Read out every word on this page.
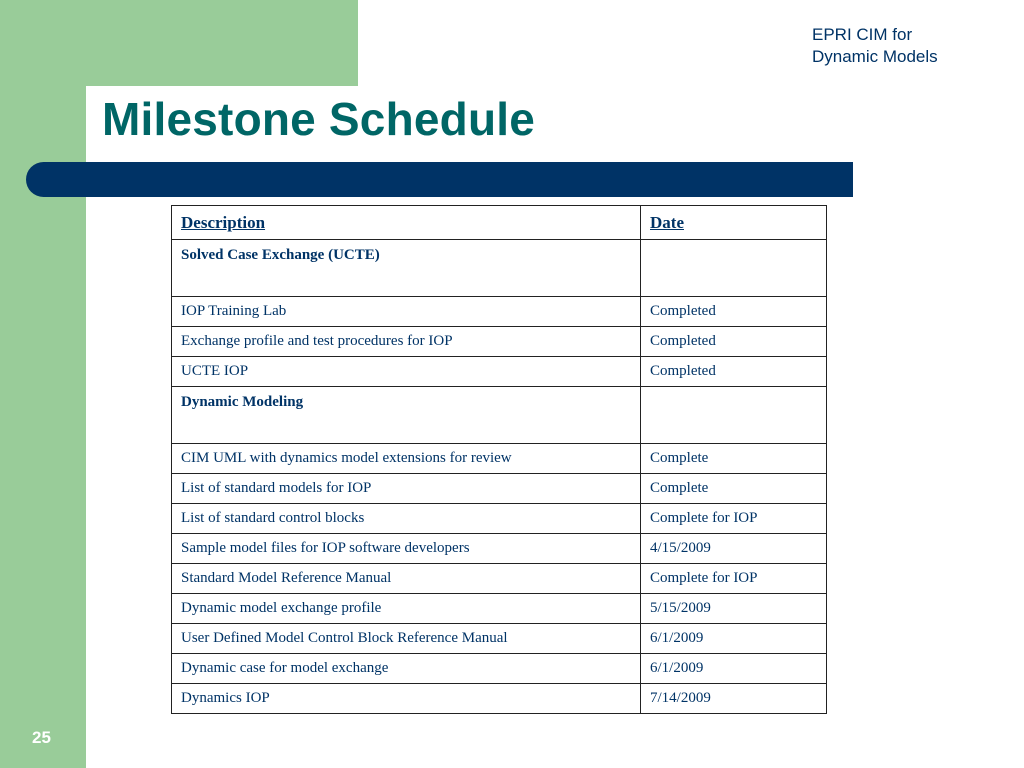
EPRI CIM for
Dynamic Models
Milestone Schedule
Description	Date
Solved Case Exchange (UCTE)	
IOP Training Lab	Completed
Exchange profile and test procedures for IOP	Completed
UCTE IOP	Completed
Dynamic Modeling	
CIM UML with dynamics model extensions for review	Complete
List of standard models for IOP	Complete
List of standard control blocks	Complete for IOP
Sample model files for IOP software developers	4/15/2009
Standard Model Reference Manual	Complete for IOP
Dynamic model exchange profile	5/15/2009
User Defined Model Control Block Reference Manual	6/1/2009
Dynamic case for model exchange	6/1/2009
Dynamics IOP	7/14/2009
25
